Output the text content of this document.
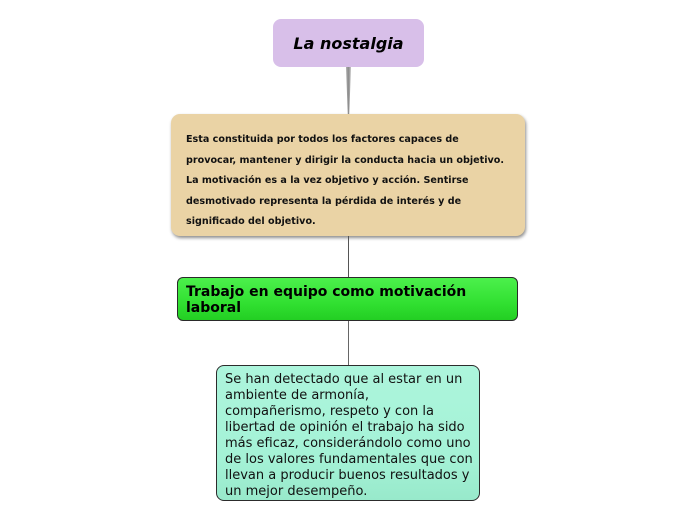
La nostalgia
Esta constituida por todos los factores capaces de provocar, mantener y dirigir la conducta hacia un objetivo. La motivación es a la vez objetivo y acción. Sentirse desmotivado representa la pérdida de interés y de significado del objetivo.
Trabajo en equipo como motivación laboral
Se han detectado que al estar en un ambiente de armonía, compañerismo, respeto y con la libertad de opinión el trabajo ha sido más eficaz, considerándolo como uno de los valores fundamentales que con llevan a producir buenos resultados y un mejor desempeño.
